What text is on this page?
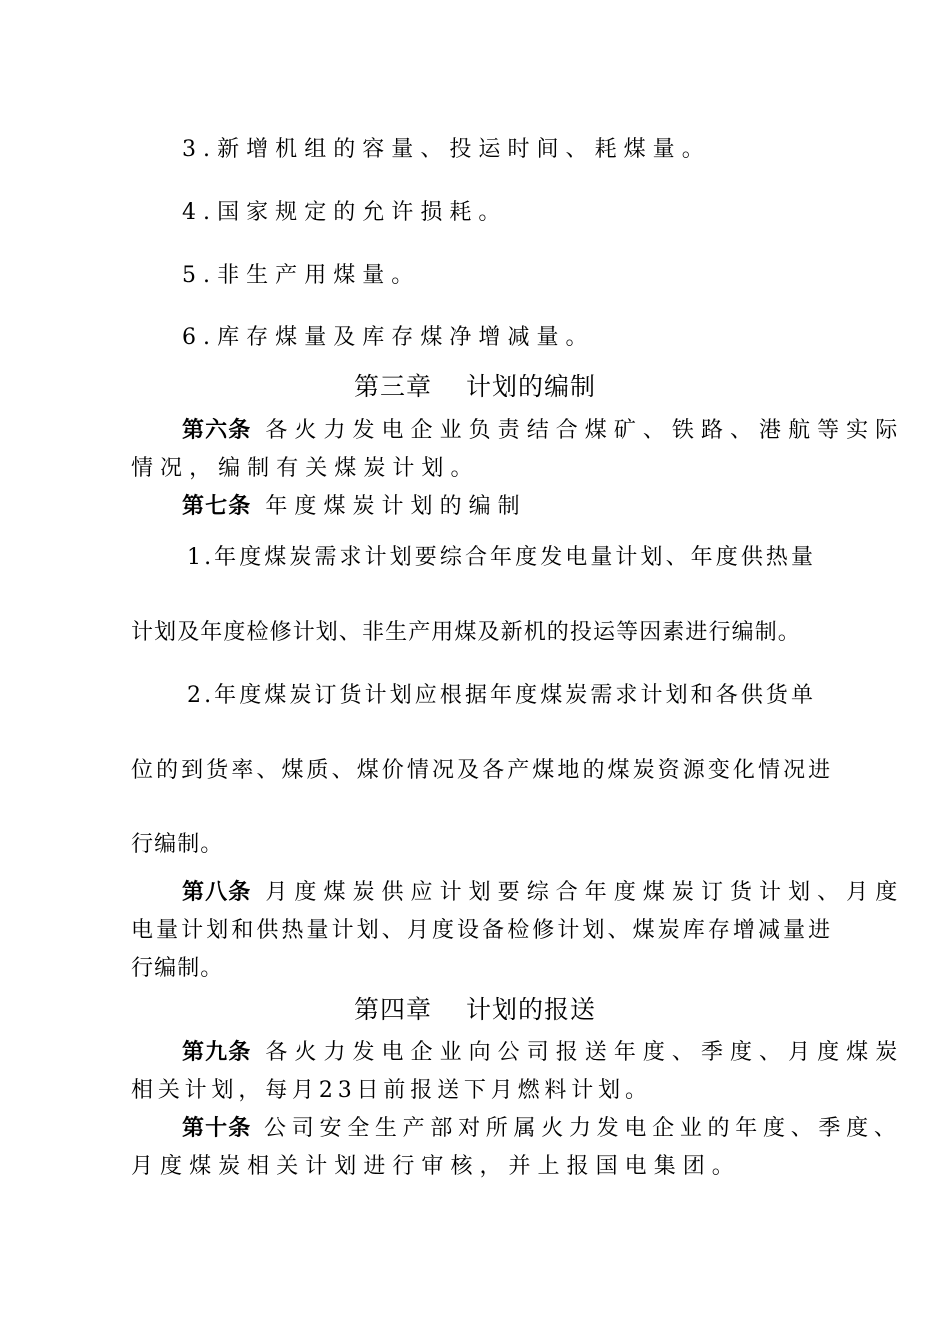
3.新增机组的容量、投运时间、耗煤量。
4.国家规定的允许损耗。
5.非生产用煤量。
6.库存煤量及库存煤净增减量。
第三章 计划的编制
第六条 各火力发电企业负责结合煤矿、铁路、港航等实际
情况，编制有关煤炭计划。
第七条 年度煤炭计划的编制
1.年度煤炭需求计划要综合年度发电量计划、年度供热量
计划及年度检修计划、非生产用煤及新机的投运等因素进行编制。
2.年度煤炭订货计划应根据年度煤炭需求计划和各供货单
位的到货率、煤质、煤价情况及各产煤地的煤炭资源变化情况进
行编制。
第八条 月度煤炭供应计划要综合年度煤炭订货计划、月度
电量计划和供热量计划、月度设备检修计划、煤炭库存增减量进
行编制。
第四章 计划的报送
第九条 各火力发电企业向公司报送年度、季度、月度煤炭
相关计划，每月23日前报送下月燃料计划。
第十条 公司安全生产部对所属火力发电企业的年度、季度、
月度煤炭相关计划进行审核，并上报国电集团。
